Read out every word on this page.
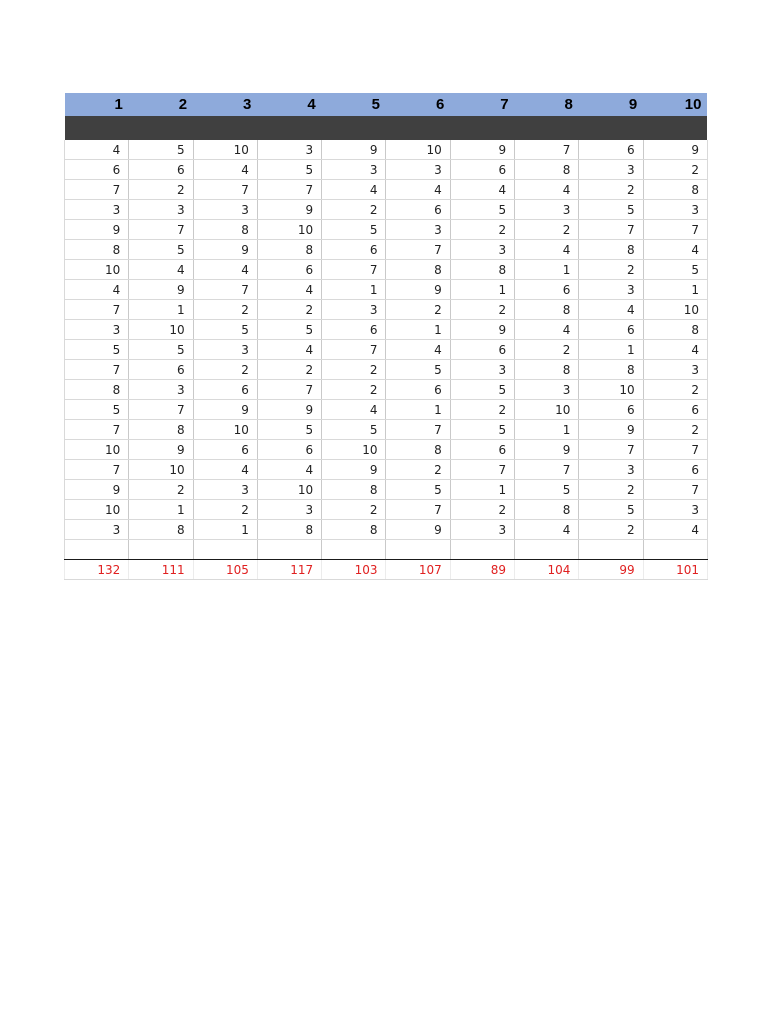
1	2	3	4	5	6	7	8	9	10

4	5	10	3	9	10	9	7	6	9
6	6	4	5	3	3	6	8	3	2
7	2	7	7	4	4	4	4	2	8
3	3	3	9	2	6	5	3	5	3
9	7	8	10	5	3	2	2	7	7
8	5	9	8	6	7	3	4	8	4
10	4	4	6	7	8	8	1	2	5
4	9	7	4	1	9	1	6	3	1
7	1	2	2	3	2	2	8	4	10
3	10	5	5	6	1	9	4	6	8
5	5	3	4	7	4	6	2	1	4
7	6	2	2	2	5	3	8	8	3
8	3	6	7	2	6	5	3	10	2
5	7	9	9	4	1	2	10	6	6
7	8	10	5	5	7	5	1	9	2
10	9	6	6	10	8	6	9	7	7
7	10	4	4	9	2	7	7	3	6
9	2	3	10	8	5	1	5	2	7
10	1	2	3	2	7	2	8	5	3
3	8	1	8	8	9	3	4	2	4

132	111	105	117	103	107	89	104	99	101
